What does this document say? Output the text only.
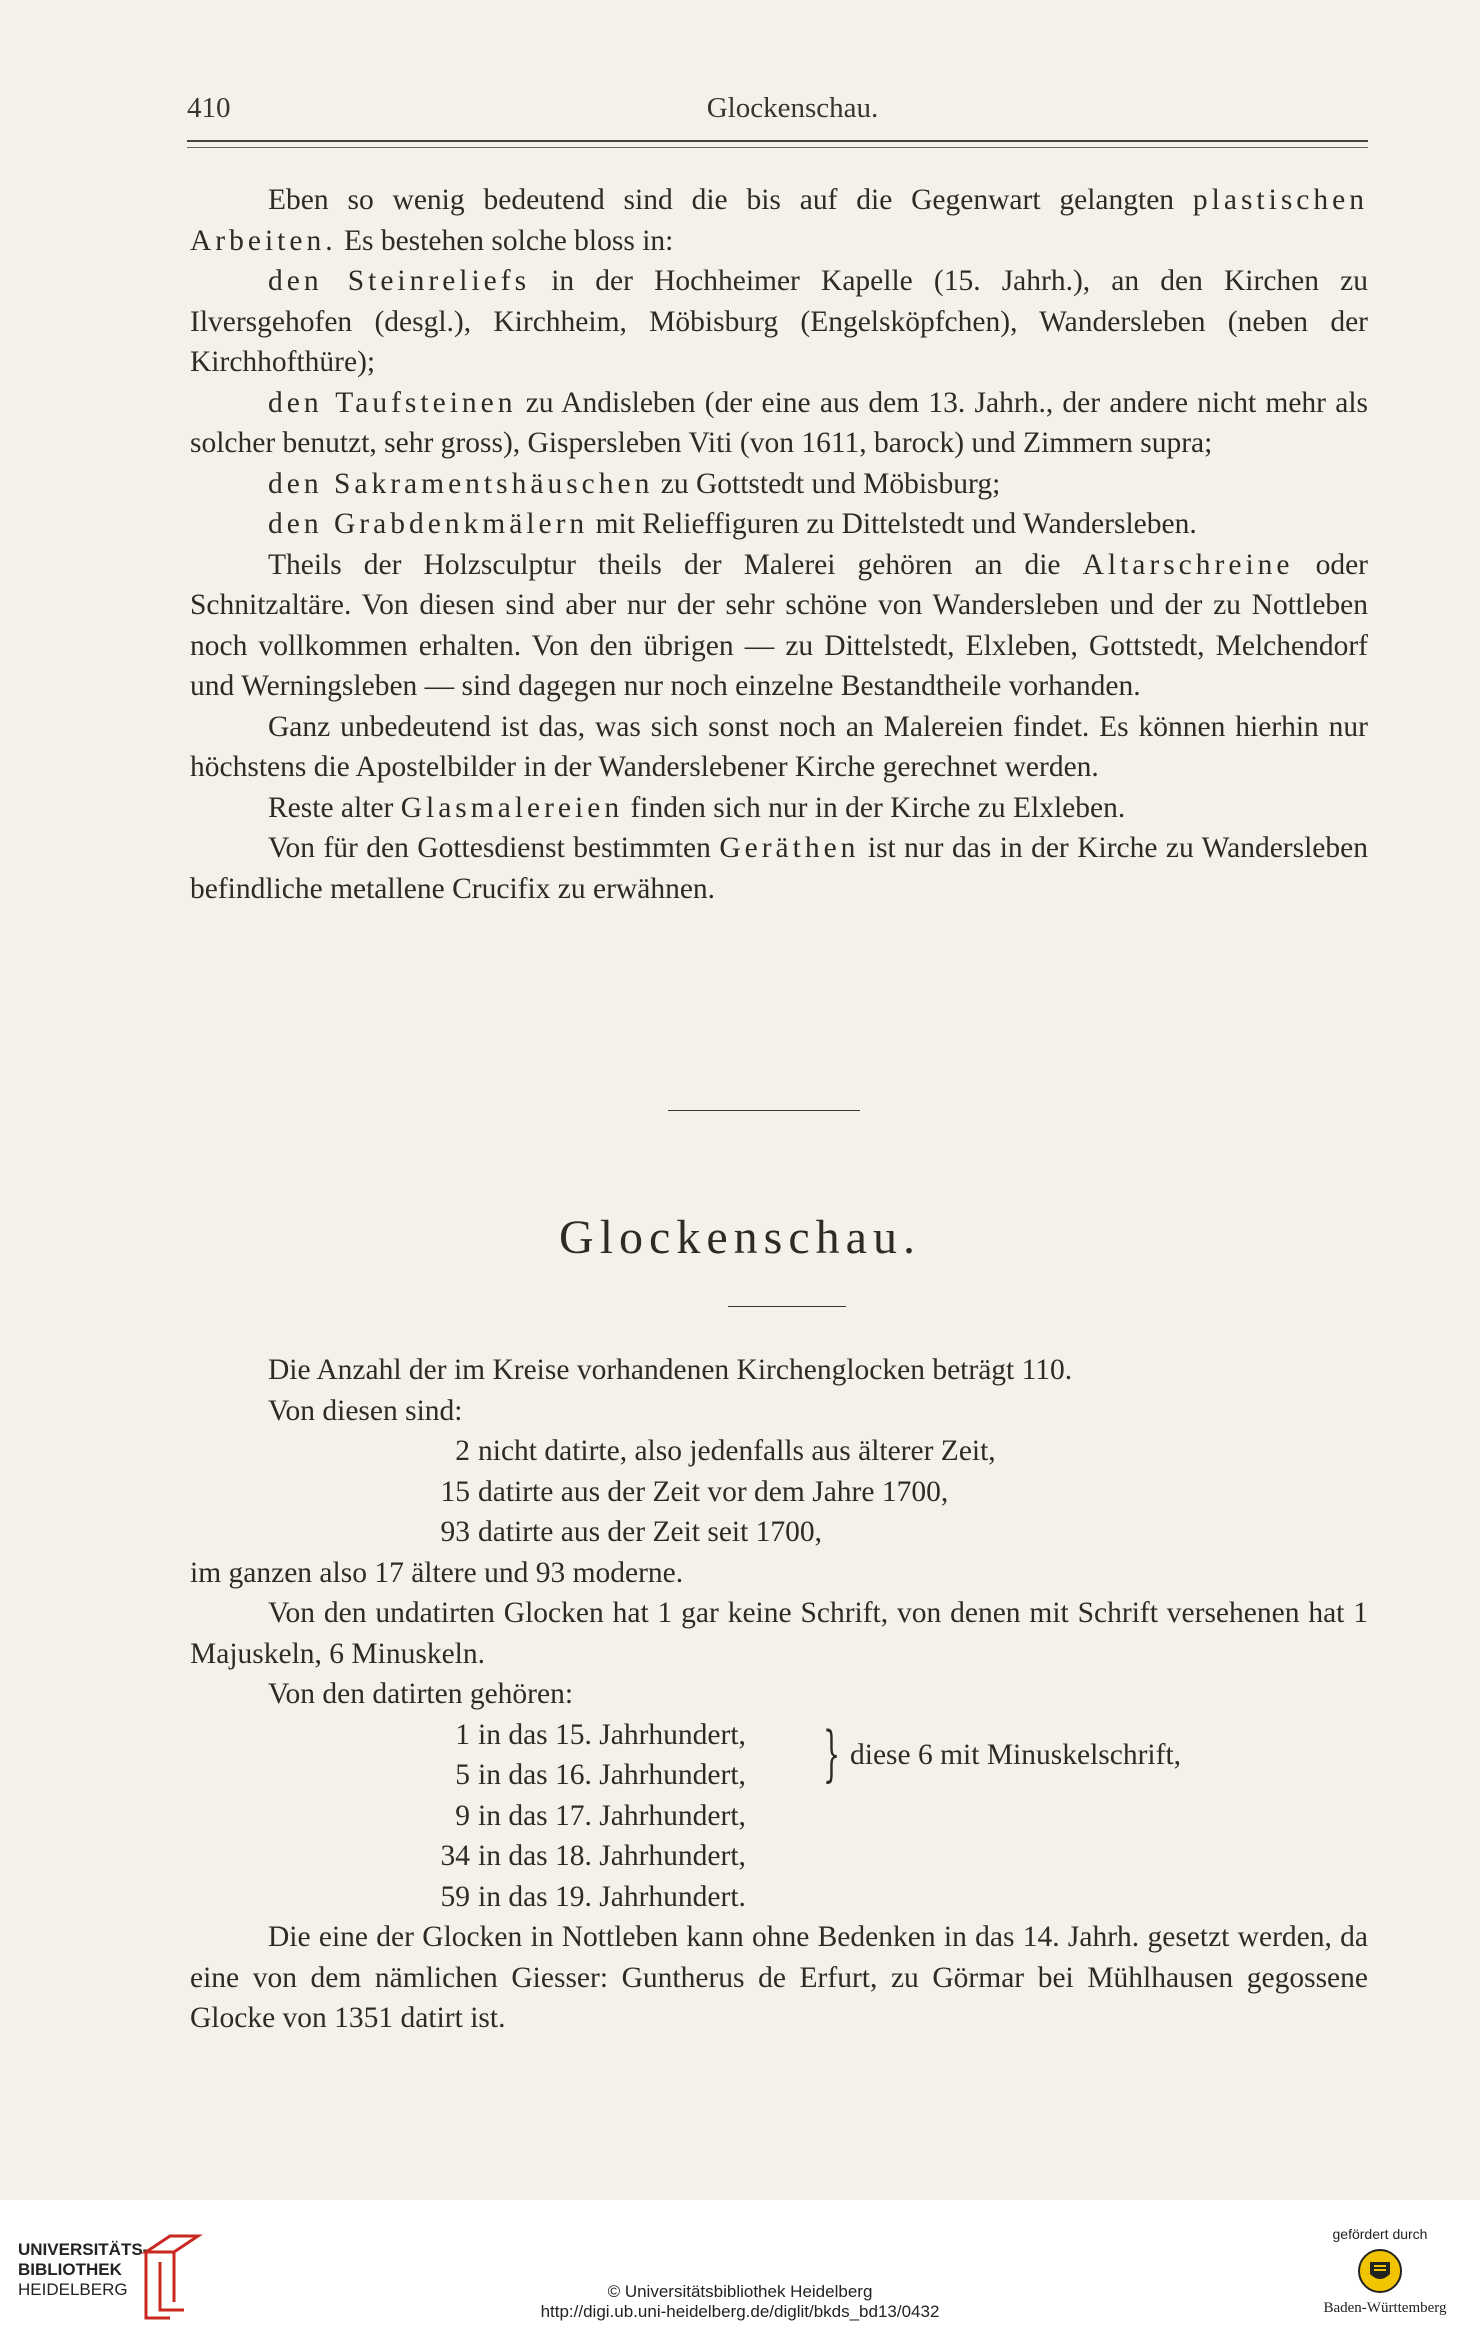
410	Glockenschau.

Eben so wenig bedeutend sind die bis auf die Gegenwart gelangten plastischen Arbeiten. Es bestehen solche bloss in:

den Steinreliefs in der Hochheimer Kapelle (15. Jahrh.), an den Kirchen zu Ilversgehofen (desgl.), Kirchheim, Möbisburg (Engelsköpfchen), Wandersleben (neben der Kirchhofthüre);

den Taufsteinen zu Andisleben (der eine aus dem 13. Jahrh., der andere nicht mehr als solcher benutzt, sehr gross), Gispersleben Viti (von 1611, barock) und Zimmern supra;

den Sakramentshäuschen zu Gottstedt und Möbisburg;

den Grabdenkmälern mit Relieffiguren zu Dittelstedt und Wandersleben.

Theils der Holzsculptur theils der Malerei gehören an die Altarschreine oder Schnitzaltäre. Von diesen sind aber nur der sehr schöne von Wandersleben und der zu Nottleben noch vollkommen erhalten. Von den übrigen — zu Dittelstedt, Elxleben, Gottstedt, Melchendorf und Werningsleben — sind dagegen nur noch einzelne Bestandtheile vorhanden.

Ganz unbedeutend ist das, was sich sonst noch an Malereien findet. Es können hierhin nur höchstens die Apostelbilder in der Wanderslebener Kirche gerechnet werden.

Reste alter Glasmalereien finden sich nur in der Kirche zu Elxleben.

Von für den Gottesdienst bestimmten Geräthen ist nur das in der Kirche zu Wandersleben befindliche metallene Crucifix zu erwähnen.

Glockenschau.

Die Anzahl der im Kreise vorhandenen Kirchenglocken beträgt 110.

Von diesen sind:

2 nicht datirte, also jedenfalls aus älterer Zeit,

15 datirte aus der Zeit vor dem Jahre 1700,

93 datirte aus der Zeit seit 1700,

im ganzen also 17 ältere und 93 moderne.

Von den undatirten Glocken hat 1 gar keine Schrift, von denen mit Schrift versehenen hat 1 Majuskeln, 6 Minuskeln.

Von den datirten gehören:

1 in das 15. Jahrhundert,
5 in das 16. Jahrhundert, } diese 6 mit Minuskelschrift,

9 in das 17. Jahrhundert,

34 in das 18. Jahrhundert,

59 in das 19. Jahrhundert.

Die eine der Glocken in Nottleben kann ohne Bedenken in das 14. Jahrh. gesetzt werden, da eine von dem nämlichen Giesser: Guntherus de Erfurt, zu Görmar bei Mühlhausen gegossene Glocke von 1351 datirt ist.

UNIVERSITÄTS-
BIBLIOTHEK
HEIDELBERG	© Universitätsbibliothek Heidelberg
http://digi.ub.uni-heidelberg.de/diglit/bkds_bd13/0432
gefördert durch
Baden-Württemberg
